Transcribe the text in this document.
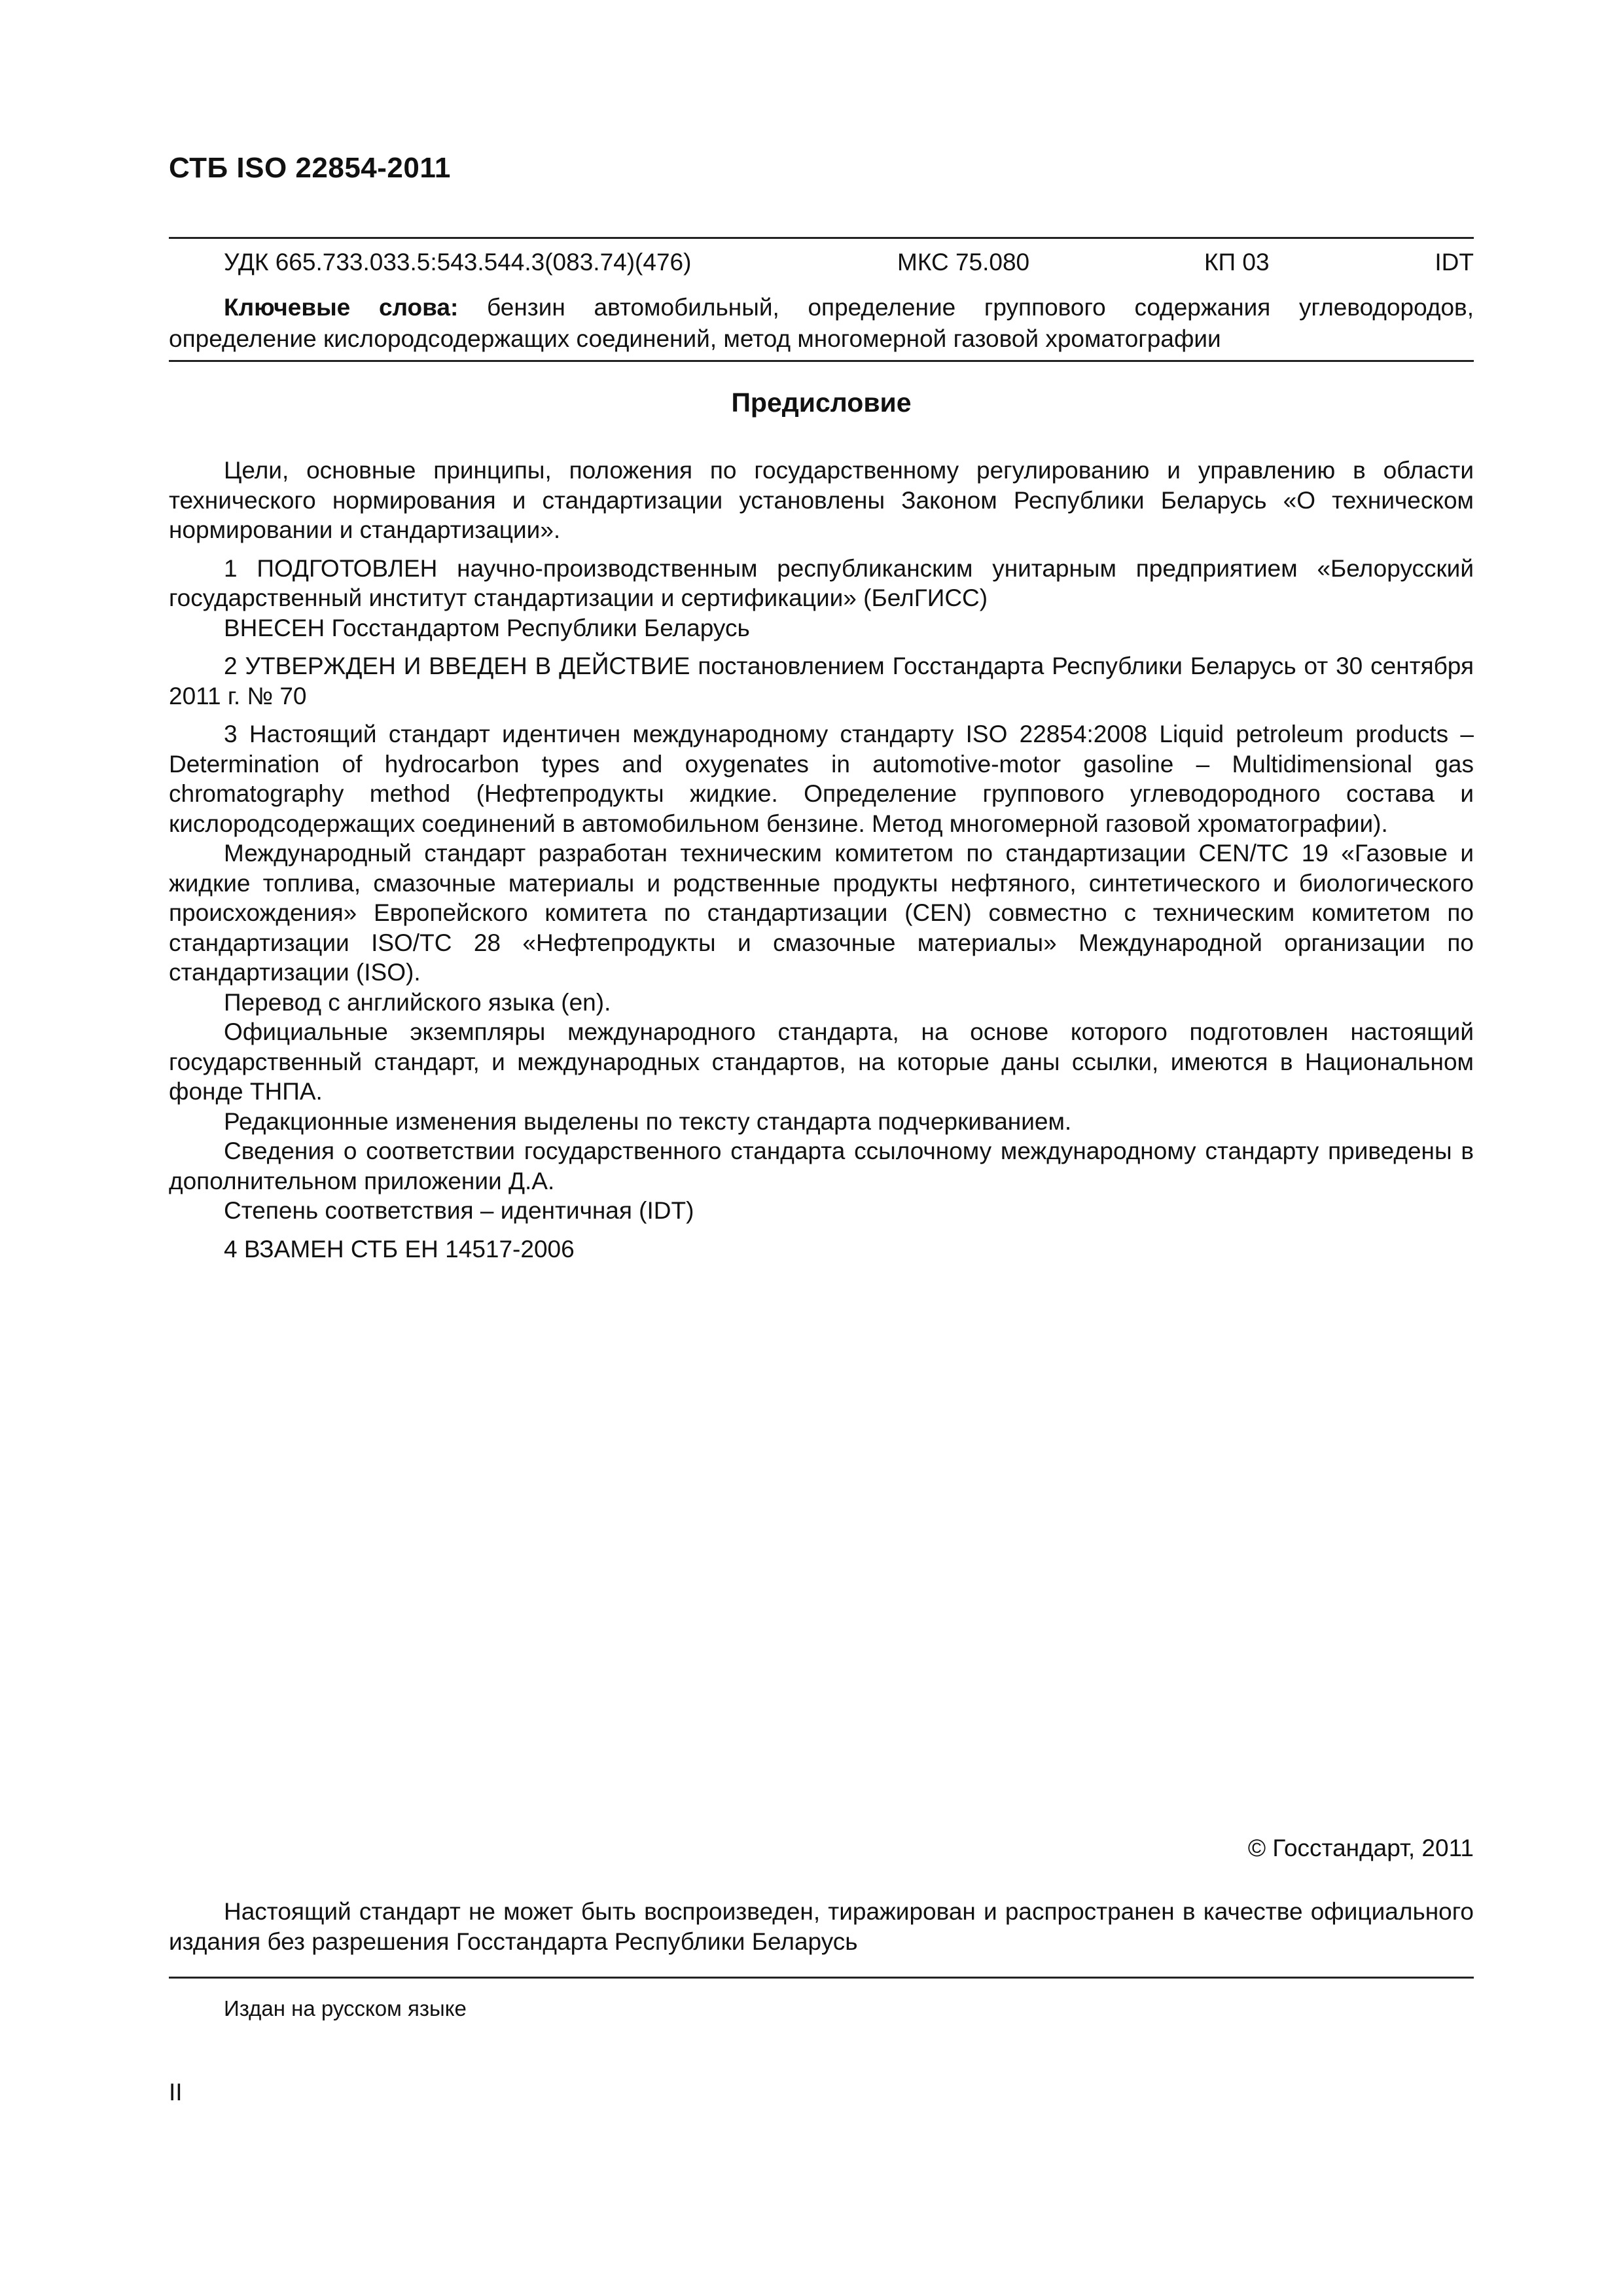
СТБ ISO 22854-2011
УДК 665.733.033.5:543.544.3(083.74)(476)	МКС 75.080	КП 03	IDT
Ключевые слова: бензин автомобильный, определение группового содержания углеводородов, определение кислородсодержащих соединений, метод многомерной газовой хроматографии
Предисловие

Цели, основные принципы, положения по государственному регулированию и управлению в области технического нормирования и стандартизации установлены Законом Республики Беларусь «О техническом нормировании и стандартизации».

1 ПОДГОТОВЛЕН научно-производственным республиканским унитарным предприятием «Белорусский государственный институт стандартизации и сертификации» (БелГИСС)

ВНЕСЕН Госстандартом Республики Беларусь

2 УТВЕРЖДЕН И ВВЕДЕН В ДЕЙСТВИЕ постановлением Госстандарта Республики Беларусь от 30 сентября 2011 г. № 70

3 Настоящий стандарт идентичен международному стандарту ISO 22854:2008 Liquid petroleum products – Determination of hydrocarbon types and oxygenates in automotive-motor gasoline – Multidimensional gas chromatography method (Нефтепродукты жидкие. Определение группового углеводородного состава и кислородсодержащих соединений в автомобильном бензине. Метод многомерной газовой хроматографии).

Международный стандарт разработан техническим комитетом по стандартизации CEN/TC 19 «Газовые и жидкие топлива, смазочные материалы и родственные продукты нефтяного, синтетического и биологического происхождения» Европейского комитета по стандартизации (CEN) совместно с техническим комитетом по стандартизации ISO/TC 28 «Нефтепродукты и смазочные материалы» Международной организации по стандартизации (ISO).

Перевод с английского языка (en).

Официальные экземпляры международного стандарта, на основе которого подготовлен настоящий государственный стандарт, и международных стандартов, на которые даны ссылки, имеются в Национальном фонде ТНПА.

Редакционные изменения выделены по тексту стандарта подчеркиванием.

Сведения о соответствии государственного стандарта ссылочному международному стандарту приведены в дополнительном приложении Д.А.

Степень соответствия – идентичная (IDT)

4 ВЗАМЕН СТБ ЕН 14517-2006

© Госстандарт, 2011
Настоящий стандарт не может быть воспроизведен, тиражирован и распространен в качестве официального издания без разрешения Госстандарта Республики Беларусь
Издан на русском языке
II
